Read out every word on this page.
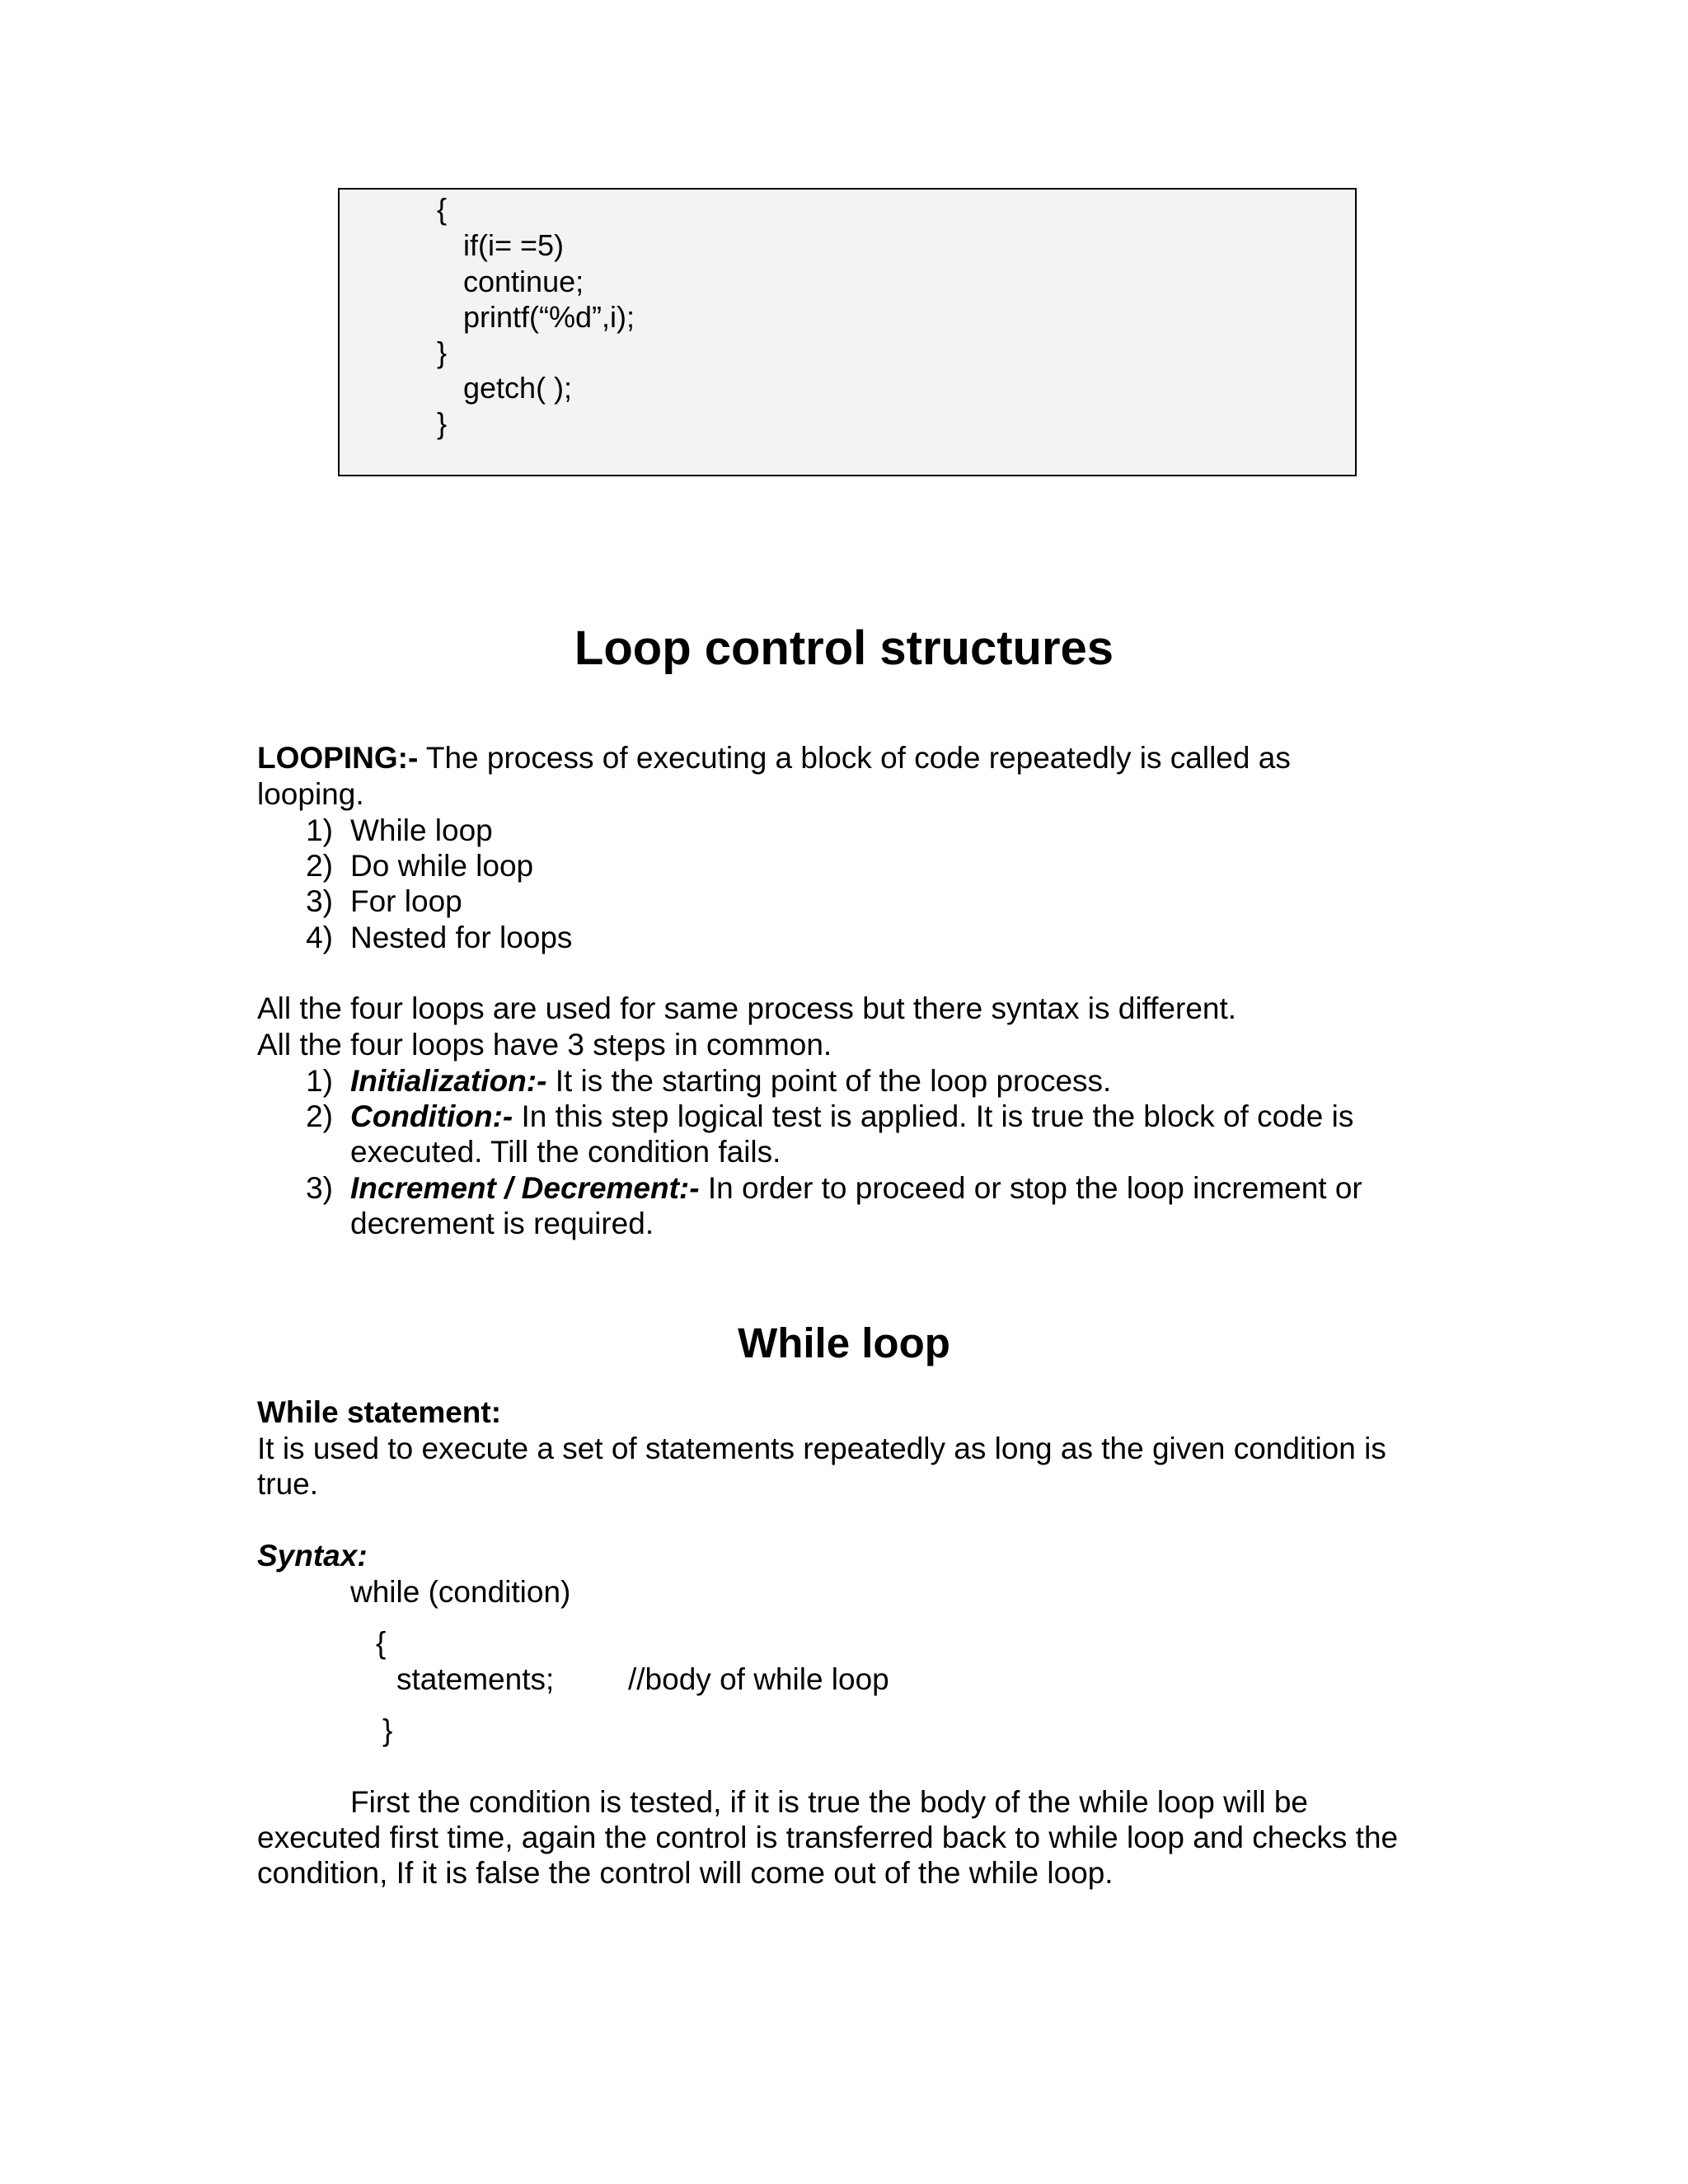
{
if(i= =5)
continue;
printf(“%d”,i);
}
getch( );
}
Loop control structures
LOOPING:- The process of executing a block of code repeatedly is called as
looping.
1) While loop
2) Do while loop
3) For loop
4) Nested for loops
All the four loops are used for same process but there syntax is different.
All the four loops have 3 steps in common.
1) Initialization:- It is the starting point of the loop process.
2) Condition:- In this step logical test is applied. It is true the block of code is
executed. Till the condition fails.
3) Increment / Decrement:- In order to proceed or stop the loop increment or
decrement is required.
While loop
While statement:
It is used to execute a set of statements repeatedly as long as the given condition is
true.
Syntax:
while (condition)
{
statements; //body of while loop
}
First the condition is tested, if it is true the body of the while loop will be
executed first time, again the control is transferred back to while loop and checks the
condition, If it is false the control will come out of the while loop.
